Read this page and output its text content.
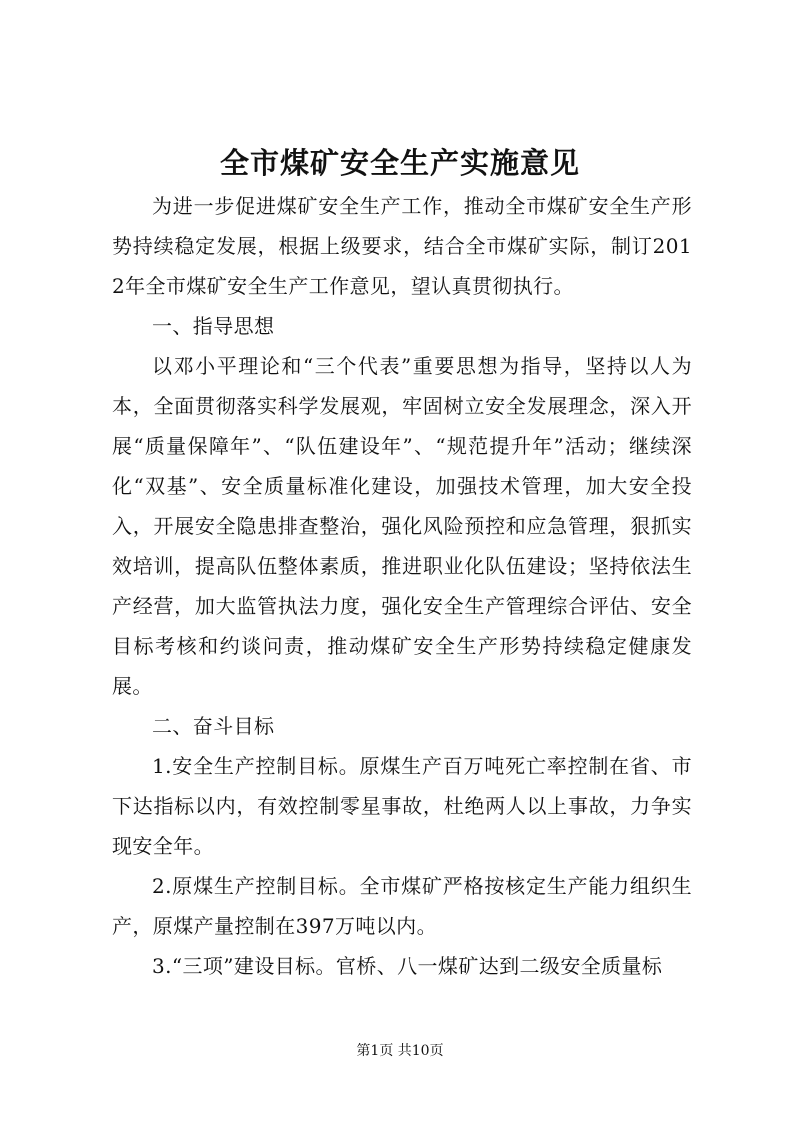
全市煤矿安全生产实施意见

为进一步促进煤矿安全生产工作，推动全市煤矿安全生产形势持续稳定发展，根据上级要求，结合全市煤矿实际，制订2012年全市煤矿安全生产工作意见，望认真贯彻执行。

一、指导思想

以邓小平理论和“三个代表”重要思想为指导，坚持以人为本，全面贯彻落实科学发展观，牢固树立安全发展理念，深入开展“质量保障年”、“队伍建设年”、“规范提升年”活动；继续深化“双基”、安全质量标准化建设，加强技术管理，加大安全投入，开展安全隐患排查整治，强化风险预控和应急管理，狠抓实效培训，提高队伍整体素质，推进职业化队伍建设；坚持依法生产经营，加大监管执法力度，强化安全生产管理综合评估、安全目标考核和约谈问责，推动煤矿安全生产形势持续稳定健康发展。

二、奋斗目标

1.安全生产控制目标。原煤生产百万吨死亡率控制在省、市下达指标以内，有效控制零星事故，杜绝两人以上事故，力争实现安全年。

2.原煤生产控制目标。全市煤矿严格按核定生产能力组织生产，原煤产量控制在397万吨以内。

3.“三项”建设目标。官桥、八一煤矿达到二级安全质量标

第1页 共10页
